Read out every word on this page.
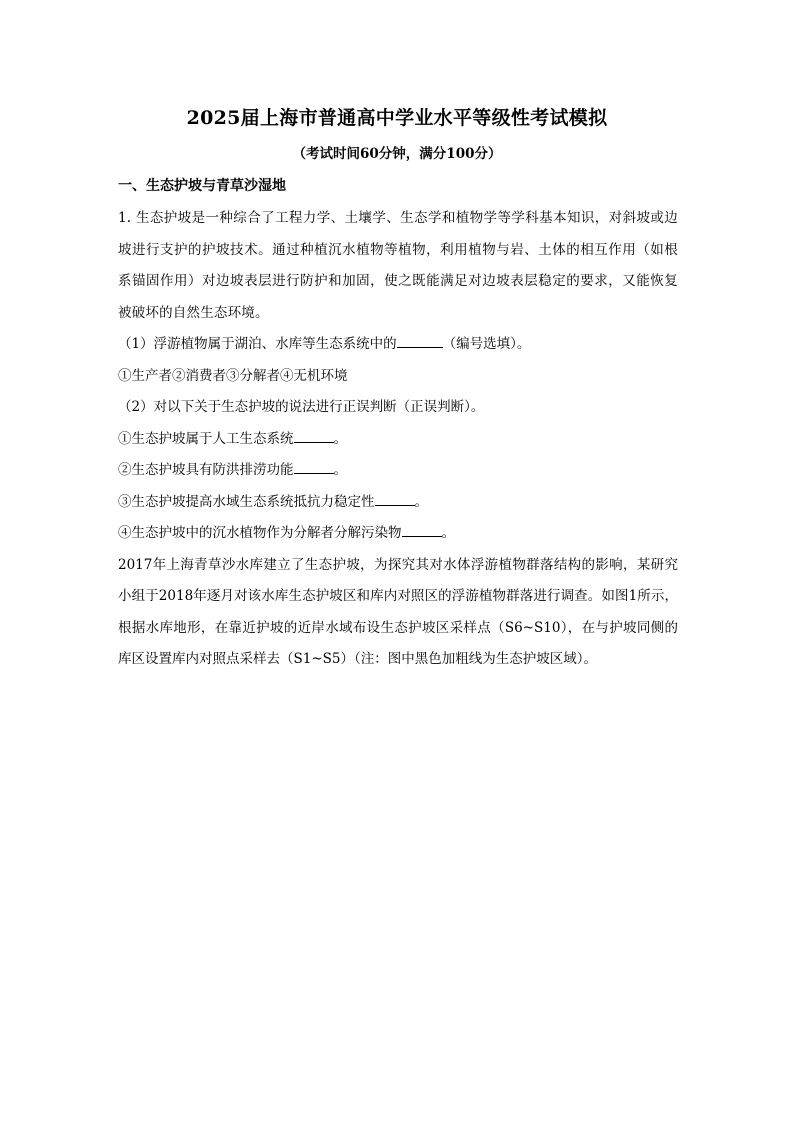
2025届上海市普通高中学业水平等级性考试模拟
（考试时间60分钟，满分100分）
一、生态护坡与青草沙湿地

1. 生态护坡是一种综合了工程力学、土壤学、生态学和植物学等学科基本知识，对斜坡或边坡进行支护的护坡技术。通过种植沉水植物等植物，利用植物与岩、土体的相互作用（如根系锚固作用）对边坡表层进行防护和加固，使之既能满足对边坡表层稳定的要求，又能恢复被破坏的自然生态环境。

（1）浮游植物属于湖泊、水库等生态系统中的	（编号选填）。

①生产者②消费者③分解者④无机环境

（2）对以下关于生态护坡的说法进行正误判断（正误判断）。

①生态护坡属于人工生态系统	。

②生态护坡具有防洪排涝功能	。

③生态护坡提高水域生态系统抵抗力稳定性	。

④生态护坡中的沉水植物作为分解者分解污染物	。

2017年上海青草沙水库建立了生态护坡，为探究其对水体浮游植物群落结构的影响，某研究小组于2018年逐月对该水库生态护坡区和库内对照区的浮游植物群落进行调查。如图1所示，根据水库地形，在靠近护坡的近岸水域布设生态护坡区采样点（S6~S10），在与护坡同侧的库区设置库内对照点采样去（S1~S5）（注：图中黑色加粗线为生态护坡区域）。
